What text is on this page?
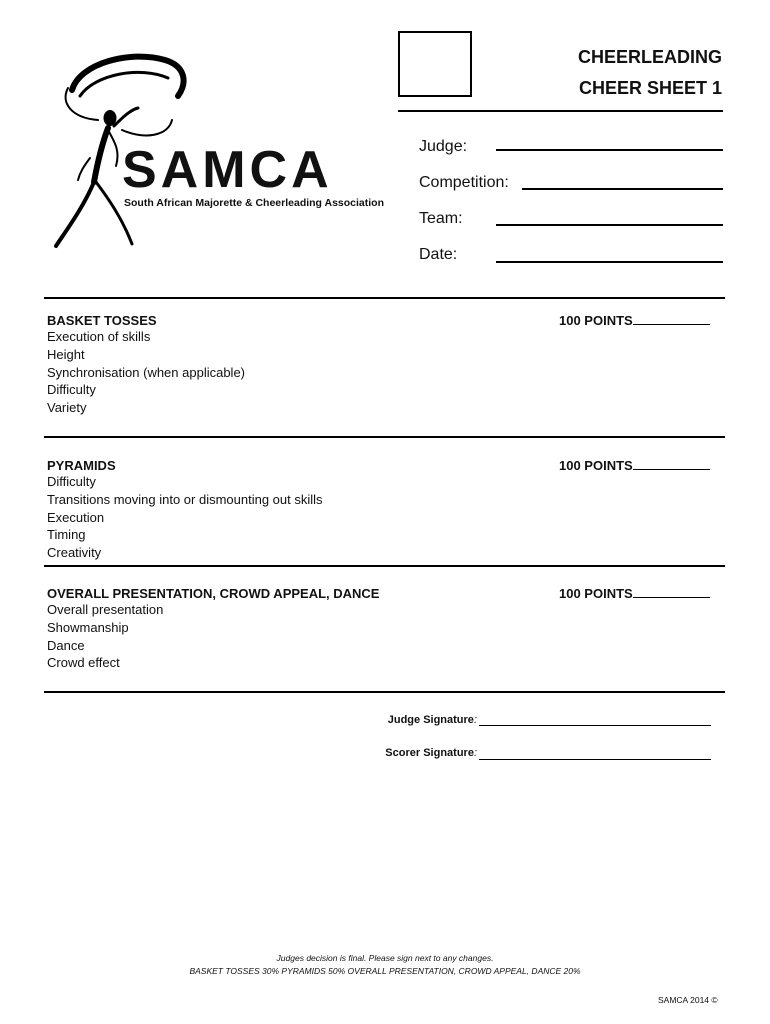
SAMCA
South African Majorette & Cheerleading Association
CHEERLEADING
CHEER SHEET 1
Judge:
Competition:
Team:
Date:
BASKET TOSSES
Execution of skills
Height
Synchronisation (when applicable)
Difficulty
Variety
100 POINTS
PYRAMIDS
Difficulty
Transitions moving into or dismounting out skills
Execution
Timing
Creativity
100 POINTS
OVERALL PRESENTATION, CROWD APPEAL, DANCE
Overall presentation
Showmanship
Dance
Crowd effect
100 POINTS
Judge Signature:
Scorer Signature:
Judges decision is final. Please sign next to any changes.
BASKET TOSSES 30% PYRAMIDS 50% OVERALL PRESENTATION, CROWD APPEAL, DANCE 20%
SAMCA 2014 ©
